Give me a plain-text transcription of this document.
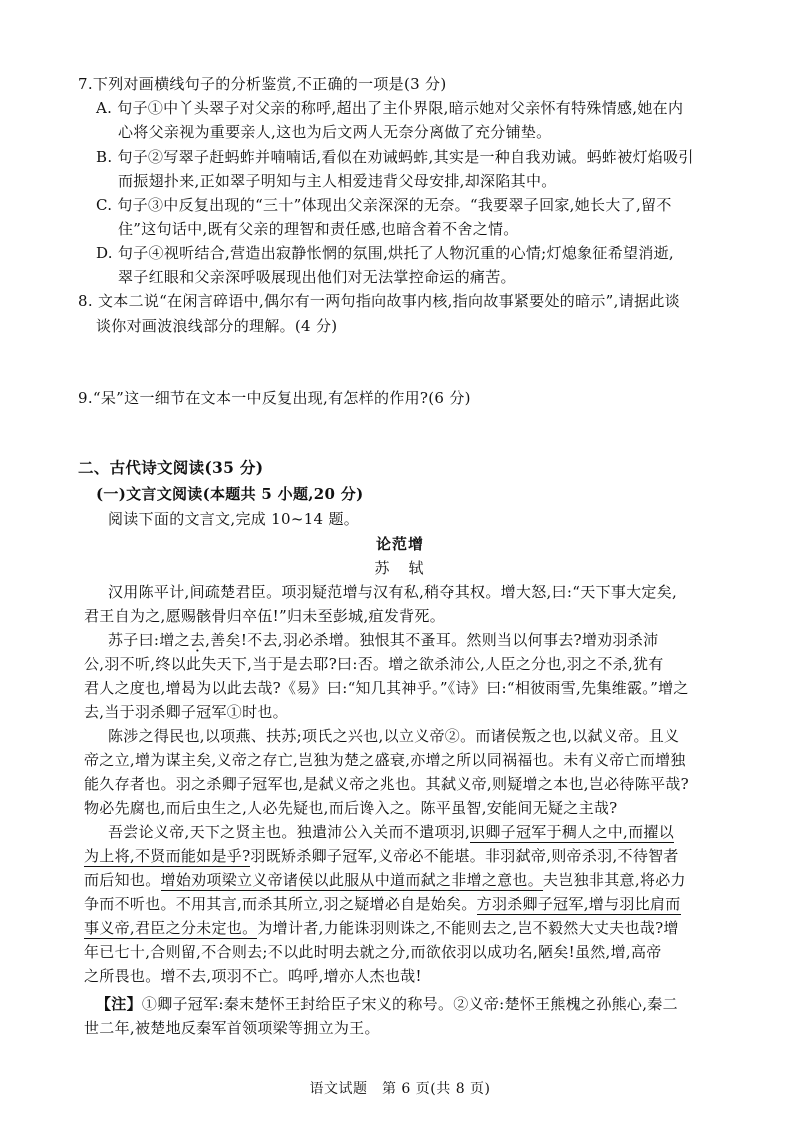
7.下列对画横线句子的分析鉴赏,不正确的一项是(3 分)
A. 句子①中丫头翠子对父亲的称呼,超出了主仆界限,暗示她对父亲怀有特殊情感,她在内
心将父亲视为重要亲人,这也为后文两人无奈分离做了充分铺垫。
B. 句子②写翠子赶蚂蚱并喃喃话,看似在劝诫蚂蚱,其实是一种自我劝诫。蚂蚱被灯焰吸引
而振翅扑来,正如翠子明知与主人相爱违背父母安排,却深陷其中。
C. 句子③中反复出现的“三十”体现出父亲深深的无奈。“我要翠子回家,她长大了,留不
住”这句话中,既有父亲的理智和责任感,也暗含着不舍之情。
D. 句子④视听结合,营造出寂静怅惘的氛围,烘托了人物沉重的心情;灯熄象征希望消逝,
翠子红眼和父亲深呼吸展现出他们对无法掌控命运的痛苦。
8. 文本二说“在闲言碎语中,偶尔有一两句指向故事内核,指向故事紧要处的暗示”,请据此谈
谈你对画波浪线部分的理解。(4 分)
9.“呆”这一细节在文本一中反复出现,有怎样的作用?(6 分)
二、古代诗文阅读(35 分)
(一)文言文阅读(本题共 5 小题,20 分)
阅读下面的文言文,完成 10~14 题。
论范增
苏　轼
汉用陈平计,间疏楚君臣。项羽疑范增与汉有私,稍夺其权。增大怒,曰:“天下事大定矣,
君王自为之,愿赐骸骨归卒伍!”归未至彭城,疽发背死。
苏子曰:增之去,善矣!不去,羽必杀增。独恨其不蚤耳。然则当以何事去?增劝羽杀沛
公,羽不听,终以此失天下,当于是去耶?曰:否。增之欲杀沛公,人臣之分也,羽之不杀,犹有
君人之度也,增曷为以此去哉?《易》曰:“知几其神乎。”《诗》曰:“相彼雨雪,先集维霰。”增之
去,当于羽杀卿子冠军①时也。
陈涉之得民也,以项燕、扶苏;项氏之兴也,以立义帝②。而诸侯叛之也,以弑义帝。且义
帝之立,增为谋主矣,义帝之存亡,岂独为楚之盛衰,亦增之所以同祸福也。未有义帝亡而增独
能久存者也。羽之杀卿子冠军也,是弑义帝之兆也。其弑义帝,则疑增之本也,岂必待陈平哉?
物必先腐也,而后虫生之,人必先疑也,而后谗入之。陈平虽智,安能间无疑之主哉?
吾尝论义帝,天下之贤主也。独遣沛公入关而不遣项羽,识卿子冠军于稠人之中,而擢以
为上将,不贤而能如是乎?羽既矫杀卿子冠军,义帝必不能堪。非羽弑帝,则帝杀羽,不待智者
而后知也。增始劝项梁立义帝诸侯以此服从中道而弑之非增之意也。夫岂独非其意,将必力
争而不听也。不用其言,而杀其所立,羽之疑增必自是始矣。方羽杀卿子冠军,增与羽比肩而
事义帝,君臣之分未定也。为增计者,力能诛羽则诛之,不能则去之,岂不毅然大丈夫也哉?增
年已七十,合则留,不合则去;不以此时明去就之分,而欲依羽以成功名,陋矣!虽然,增,高帝
之所畏也。增不去,项羽不亡。呜呼,增亦人杰也哉!
【注】①卿子冠军:秦末楚怀王封给臣子宋义的称号。②义帝:楚怀王熊槐之孙熊心,秦二
世二年,被楚地反秦军首领项梁等拥立为王。
语文试题　第 6 页(共 8 页)
